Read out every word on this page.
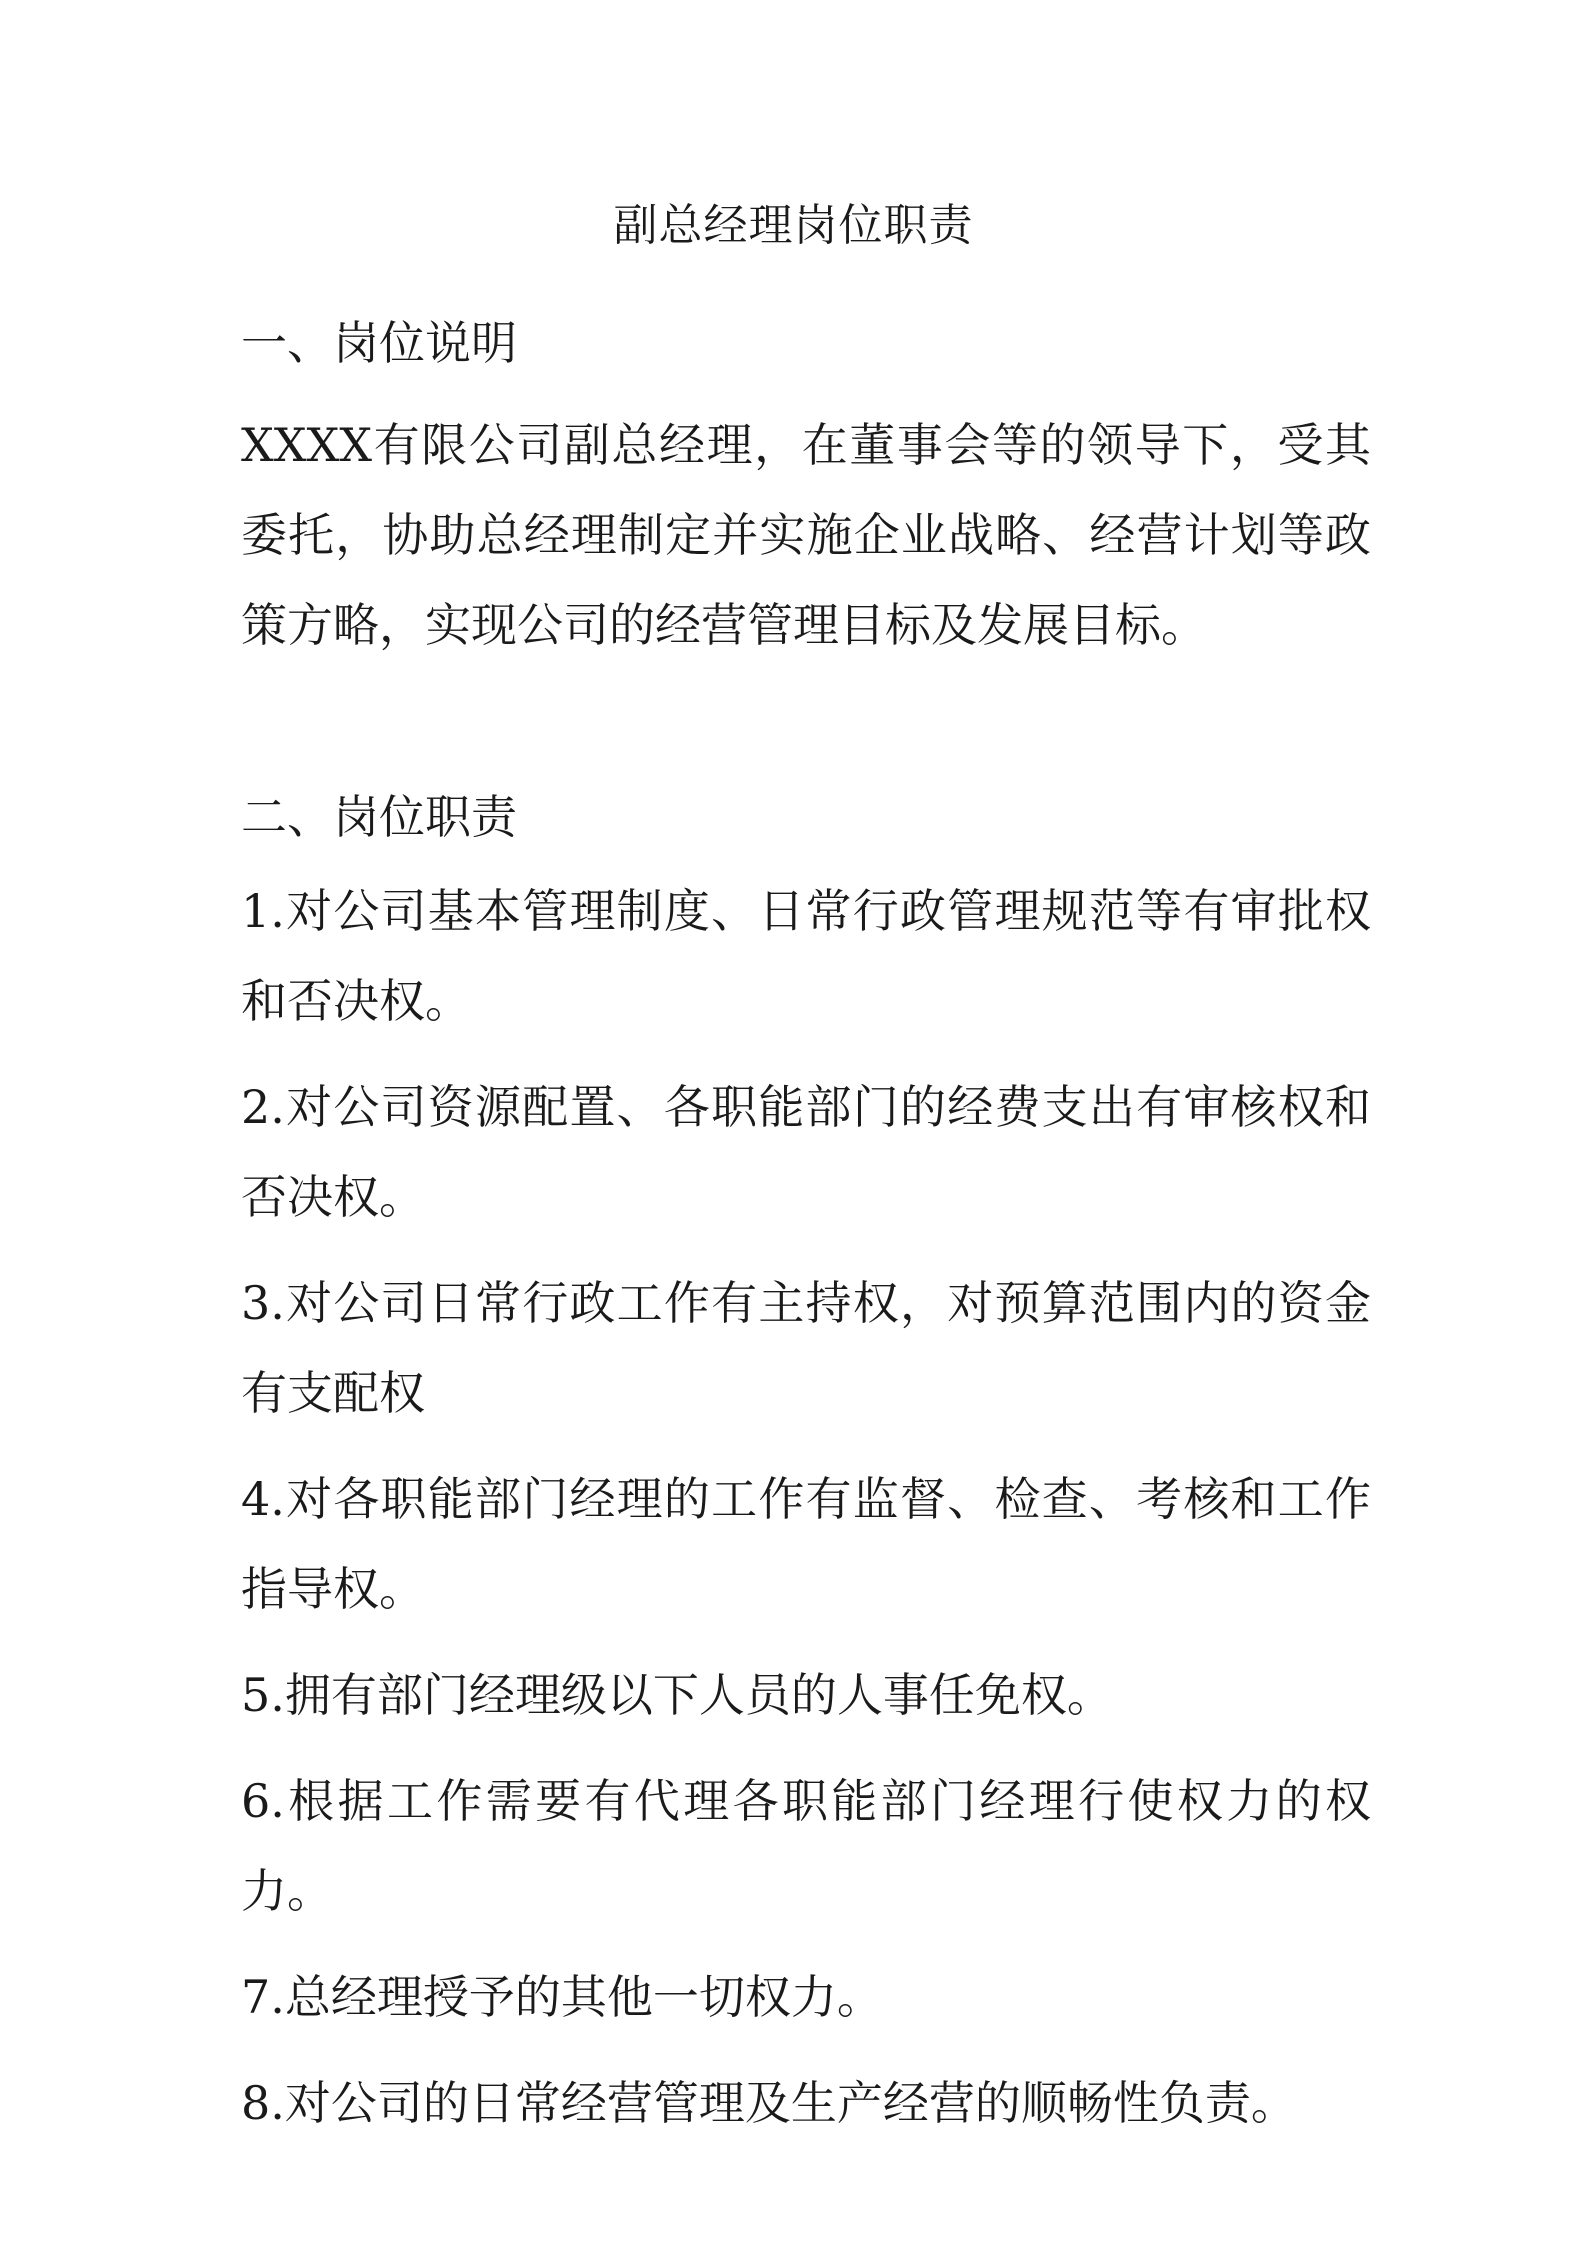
副总经理岗位职责

一、岗位说明

XXXX有限公司副总经理，在董事会等的领导下，受其委托，协助总经理制定并实施企业战略、经营计划等政策方略，实现公司的经营管理目标及发展目标。

二、岗位职责

1.对公司基本管理制度、日常行政管理规范等有审批权和否决权。

2.对公司资源配置、各职能部门的经费支出有审核权和否决权。

3.对公司日常行政工作有主持权，对预算范围内的资金有支配权

4.对各职能部门经理的工作有监督、检查、考核和工作指导权。

5.拥有部门经理级以下人员的人事任免权。

6.根据工作需要有代理各职能部门经理行使权力的权力。

7.总经理授予的其他一切权力。

8.对公司的日常经营管理及生产经营的顺畅性负责。
